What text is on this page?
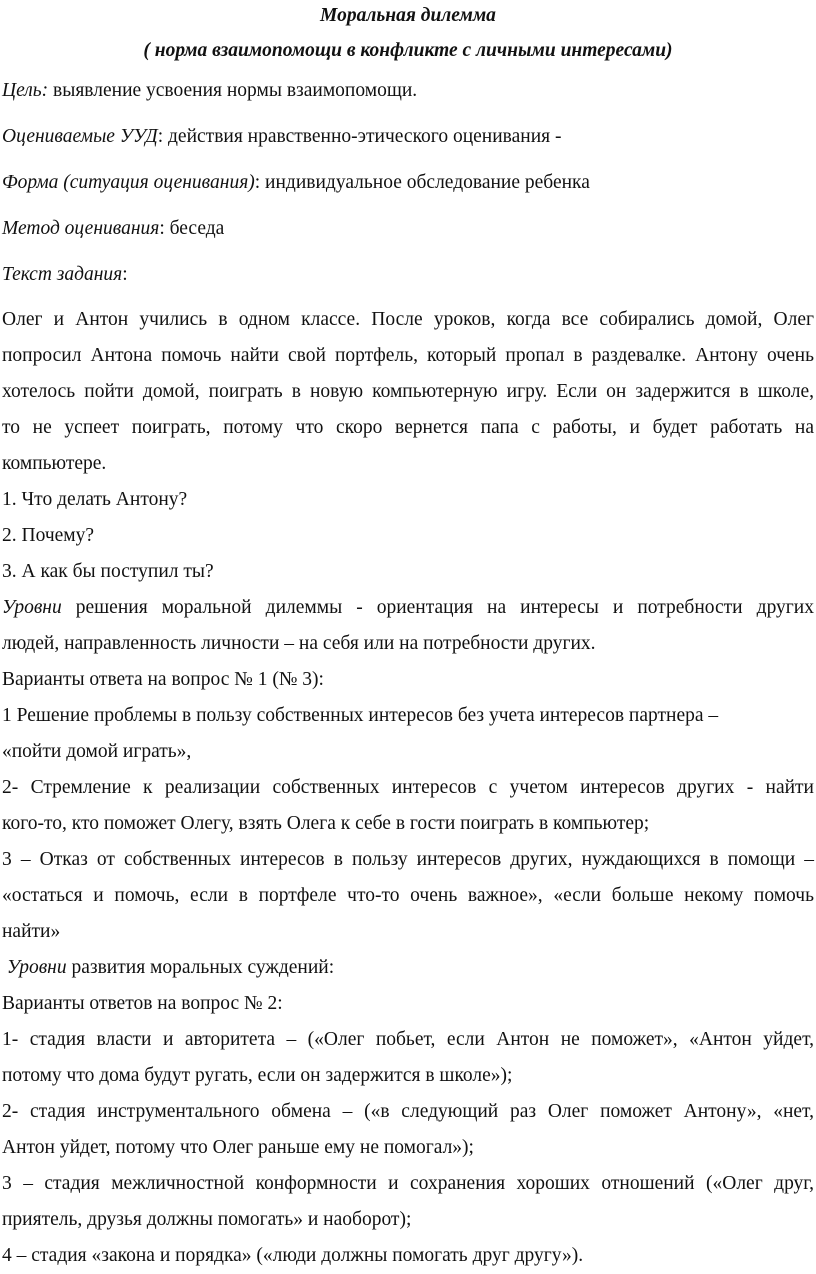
Моральная дилемма

( норма взаимопомощи в конфликте с личными интересами)

Цель: выявление усвоения нормы взаимопомощи.

Оцениваемые УУД: действия нравственно-этического оценивания -

Форма (ситуация оценивания): индивидуальное обследование ребенка

Метод оценивания: беседа

Текст задания:

Олег и Антон учились в одном классе. После уроков, когда все собирались домой, Олег

попросил Антона помочь найти свой портфель, который пропал в раздевалке. Антону очень

хотелось пойти домой, поиграть в новую компьютерную игру. Если он задержится в школе,

то не успеет поиграть, потому что скоро вернется папа с работы, и будет работать на

компьютере.

1. Что делать Антону?

2. Почему?

3. А как бы поступил ты?

Уровни решения моральной дилеммы - ориентация на интересы и потребности других

людей, направленность личности – на себя или на потребности других.

Варианты ответа на вопрос № 1 (№ 3):

1 Решение проблемы в пользу собственных интересов без учета интересов партнера –

«пойти домой играть»,

2- Стремление к реализации собственных интересов с учетом интересов других - найти

кого-то, кто поможет Олегу, взять Олега к себе в гости поиграть в компьютер;

3 – Отказ от собственных интересов в пользу интересов других, нуждающихся в помощи –

«остаться и помочь, если в портфеле что-то очень важное», «если больше некому помочь

найти»

Уровни развития моральных суждений:

Варианты ответов на вопрос № 2:

1- стадия власти и авторитета – («Олег побьет, если Антон не поможет», «Антон уйдет,

потому что дома будут ругать, если он задержится в школе»);

2- стадия инструментального обмена – («в следующий раз Олег поможет Антону», «нет,

Антон уйдет, потому что Олег раньше ему не помогал»);

3 – стадия межличностной конформности и сохранения хороших отношений («Олег друг,

приятель, друзья должны помогать» и наоборот);

4 – стадия «закона и порядка» («люди должны помогать друг другу»).
